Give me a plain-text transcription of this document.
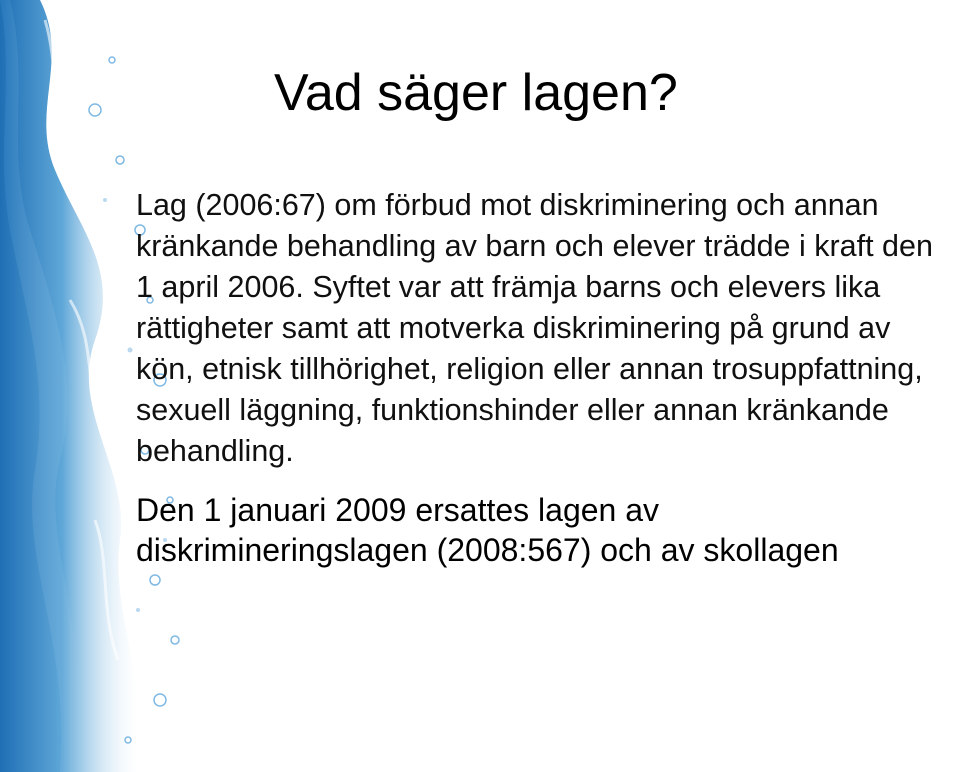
Vad säger lagen?

Lag (2006:67) om förbud mot diskriminering och annan kränkande behandling av barn och elever trädde i kraft den 1 april 2006. Syftet var att främja barns och elevers lika rättigheter samt att motverka diskriminering på grund av kön, etnisk tillhörighet, religion eller annan trosuppfattning, sexuell läggning, funktionshinder eller annan kränkande behandling.

Den 1 januari 2009 ersattes lagen av diskrimineringslagen (2008:567) och av skollagen
